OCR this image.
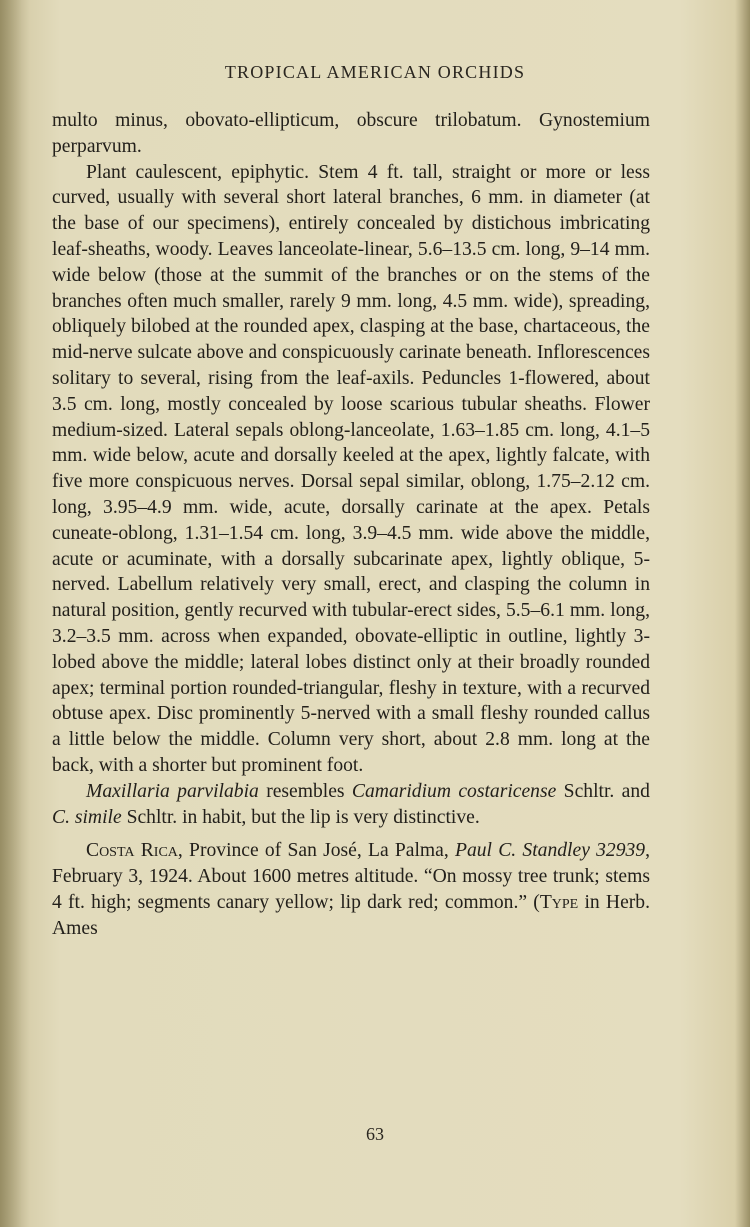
TROPICAL AMERICAN ORCHIDS

multo minus, obovato-ellipticum, obscure trilobatum. Gynostemium perparvum.

Plant caulescent, epiphytic. Stem 4 ft. tall, straight or more or less curved, usually with several short lateral branches, 6 mm. in diameter (at the base of our specimens), entirely concealed by distichous imbricating leaf-sheaths, woody. Leaves lanceolate-linear, 5.6–13.5 cm. long, 9–14 mm. wide below (those at the summit of the branches or on the stems of the branches often much smaller, rarely 9 mm. long, 4.5 mm. wide), spreading, obliquely bilobed at the rounded apex, clasping at the base, chartaceous, the mid-nerve sulcate above and conspicuously carinate beneath. Inflorescences solitary to several, rising from the leaf-axils. Peduncles 1-flowered, about 3.5 cm. long, mostly concealed by loose scarious tubular sheaths. Flower medium-sized. Lateral sepals oblong-lanceolate, 1.63–1.85 cm. long, 4.1–5 mm. wide below, acute and dorsally keeled at the apex, lightly falcate, with five more conspicuous nerves. Dorsal sepal similar, oblong, 1.75–2.12 cm. long, 3.95–4.9 mm. wide, acute, dorsally carinate at the apex. Petals cuneate-oblong, 1.31–1.54 cm. long, 3.9–4.5 mm. wide above the middle, acute or acuminate, with a dorsally subcarinate apex, lightly oblique, 5-nerved. Labellum relatively very small, erect, and clasping the column in natural position, gently recurved with tubular-erect sides, 5.5–6.1 mm. long, 3.2–3.5 mm. across when expanded, obovate-elliptic in outline, lightly 3-lobed above the middle; lateral lobes distinct only at their broadly rounded apex; terminal portion rounded-triangular, fleshy in texture, with a recurved obtuse apex. Disc prominently 5-nerved with a small fleshy rounded callus a little below the middle. Column very short, about 2.8 mm. long at the back, with a shorter but prominent foot.

Maxillaria parvilabia resembles Camaridium costaricense Schltr. and C. simile Schltr. in habit, but the lip is very distinctive.

Costa Rica, Province of San José, La Palma, Paul C. Standley 32939, February 3, 1924. About 1600 metres altitude. “On mossy tree trunk; stems 4 ft. high; segments canary yellow; lip dark red; common.” (Type in Herb. Ames

63
